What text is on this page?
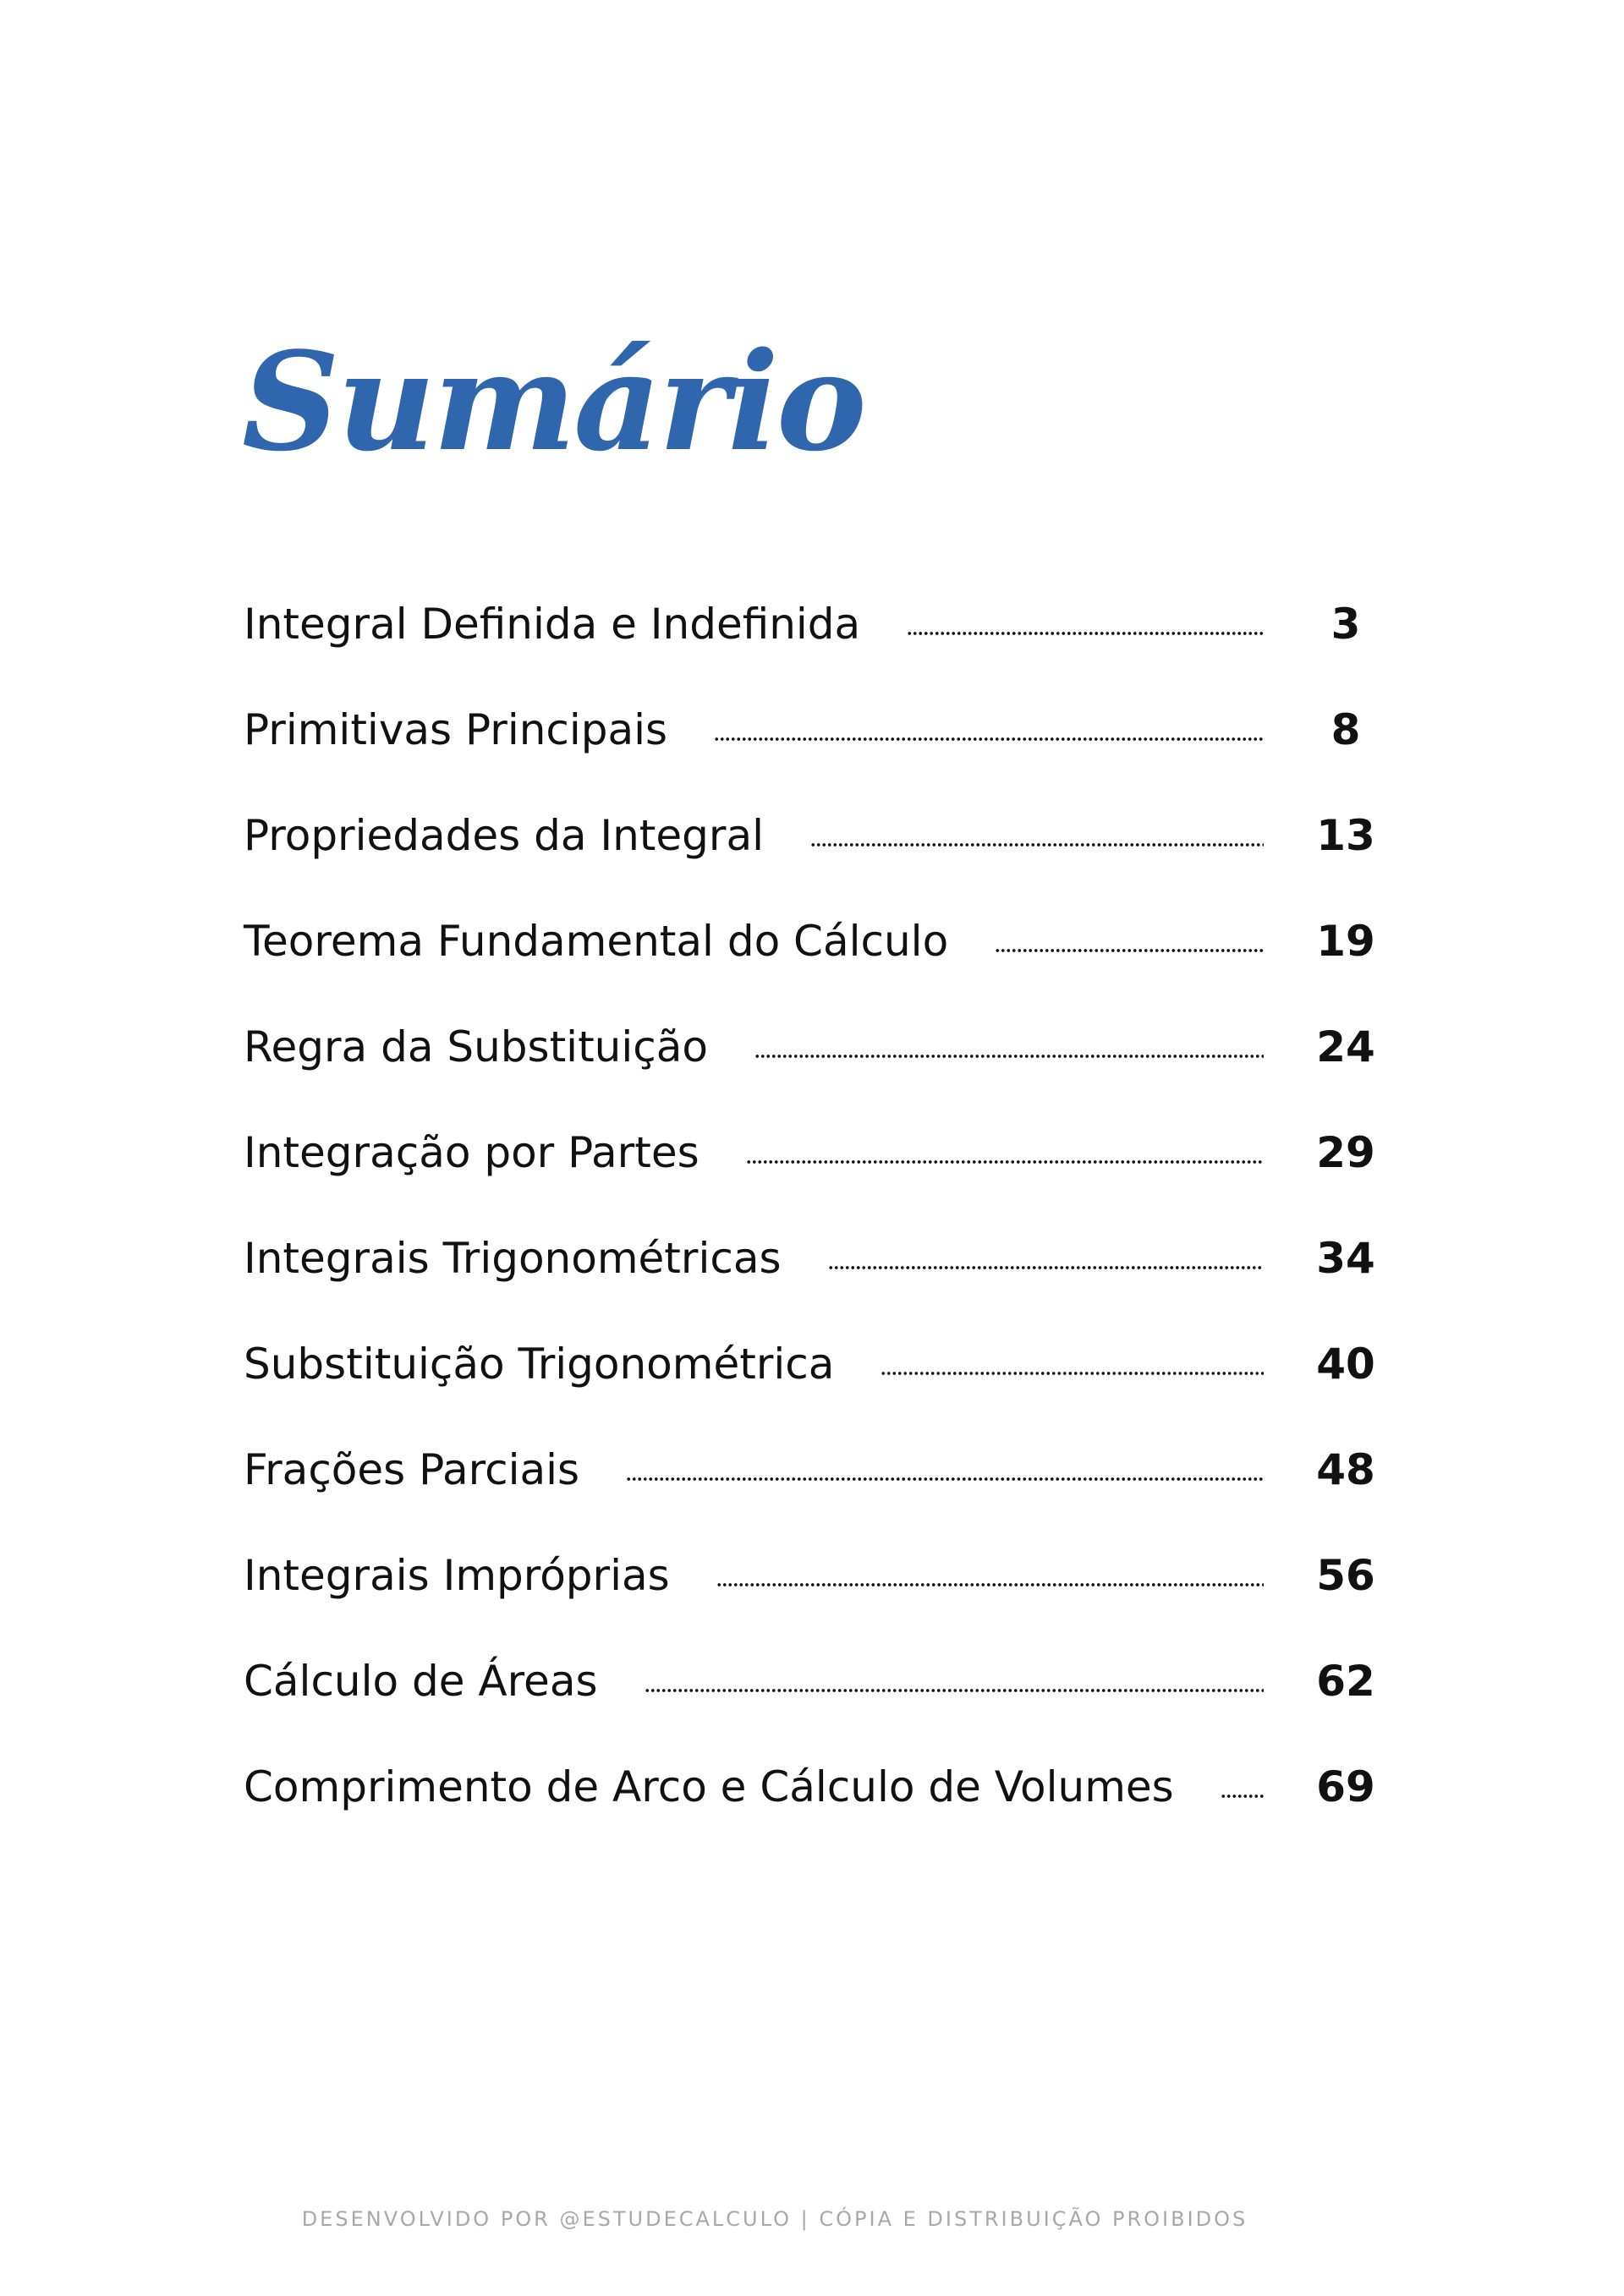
Sumário
Integral Definida e Indefinida	3
Primitivas Principais	8
Propriedades da Integral	13
Teorema Fundamental do Cálculo	19
Regra da Substituição	24
Integração por Partes	29
Integrais Trigonométricas	34
Substituição Trigonométrica	40
Frações Parciais	48
Integrais Impróprias	56
Cálculo de Áreas	62
Comprimento de Arco e Cálculo de Volumes	69
DESENVOLVIDO POR @ESTUDECALCULO | CÓPIA E DISTRIBUIÇÃO PROIBIDOS
